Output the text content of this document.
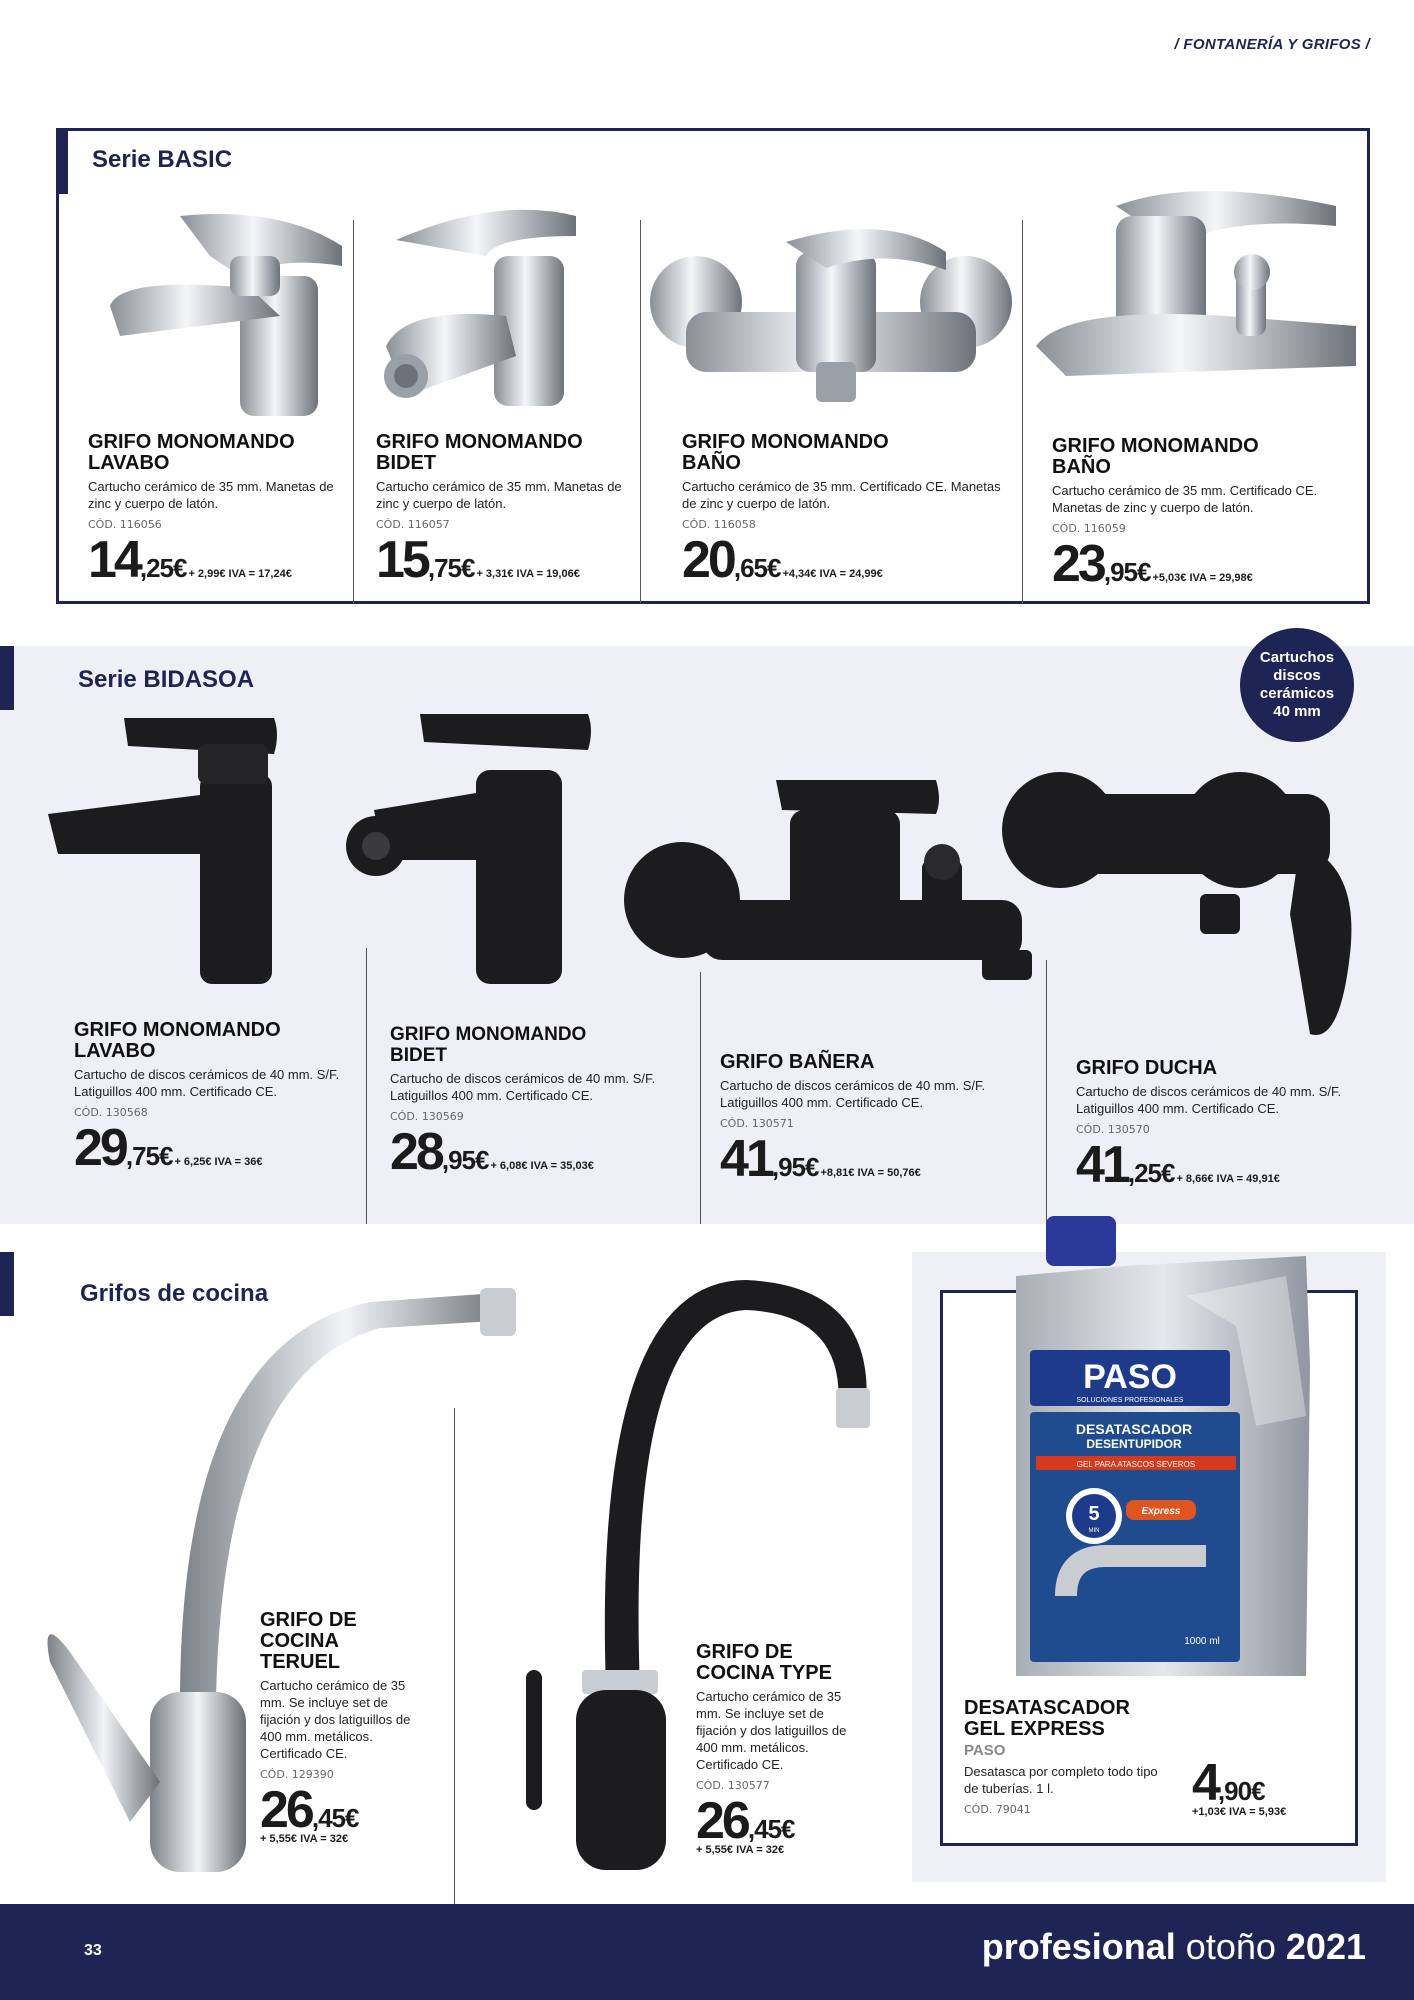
/ FONTANERÍA Y GRIFOS /
Serie BASIC
GRIFO MONOMANDO LAVABO
Cartucho cerámico de 35 mm. Manetas de zinc y cuerpo de latón.
CÓD. 116056
14 ,25€ + 2,99€ IVA = 17,24€
GRIFO MONOMANDO BIDET
Cartucho cerámico de 35 mm. Manetas de zinc y cuerpo de latón.
CÓD. 116057
15 ,75€ + 3,31€ IVA = 19,06€
GRIFO MONOMANDO BAÑO
Cartucho cerámico de 35 mm. Certificado CE. Manetas de zinc y cuerpo de latón.
CÓD. 116058
20 ,65€ +4,34€ IVA = 24,99€
GRIFO MONOMANDO BAÑO
Cartucho cerámico de 35 mm. Certificado CE. Manetas de zinc y cuerpo de latón.
CÓD. 116059
23 ,95€ +5,03€ IVA = 29,98€
Serie BIDASOA
Cartuchos discos cerámicos 40 mm
GRIFO MONOMANDO LAVABO
Cartucho de discos cerámicos de 40 mm. S/F. Latiguillos 400 mm. Certificado CE.
CÓD. 130568
29 ,75€ + 6,25€ IVA = 36€
GRIFO MONOMANDO BIDET
Cartucho de discos cerámicos de 40 mm. S/F. Latiguillos 400 mm. Certificado CE.
CÓD. 130569
28 ,95€ + 6,08€ IVA = 35,03€
GRIFO BAÑERA
Cartucho de discos cerámicos de 40 mm. S/F. Latiguillos 400 mm. Certificado CE.
CÓD. 130571
41 ,95€ +8,81€ IVA = 50,76€
GRIFO DUCHA
Cartucho de discos cerámicos de 40 mm. S/F. Latiguillos 400 mm. Certificado CE.
CÓD. 130570
41 ,25€ + 8,66€ IVA = 49,91€
Grifos de cocina
GRIFO DE COCINA TERUEL
Cartucho cerámico de 35 mm. Se incluye set de fijación y dos latiguillos de 400 mm. metálicos. Certificado CE.
CÓD. 129390
26 ,45€
+ 5,55€ IVA = 32€
GRIFO DE COCINA TYPE
Cartucho cerámico de 35 mm. Se incluye set de fijación y dos latiguillos de 400 mm. metálicos. Certificado CE.
CÓD. 130577
26 ,45€
+ 5,55€ IVA = 32€
PASO
SOLUCIONES PROFESIONALES
DESATASCADOR
DESENTUPIDOR
GEL PARA ATASCOS SEVEROS
5
MIN
Express
1000 ml
DESATASCADOR GEL EXPRESS
PASO
Desatasca por completo todo tipo de tuberías. 1 l.
CÓD. 79041	4 ,90€
+1,03€ IVA = 5,93€
33	profesional otoño 2021
